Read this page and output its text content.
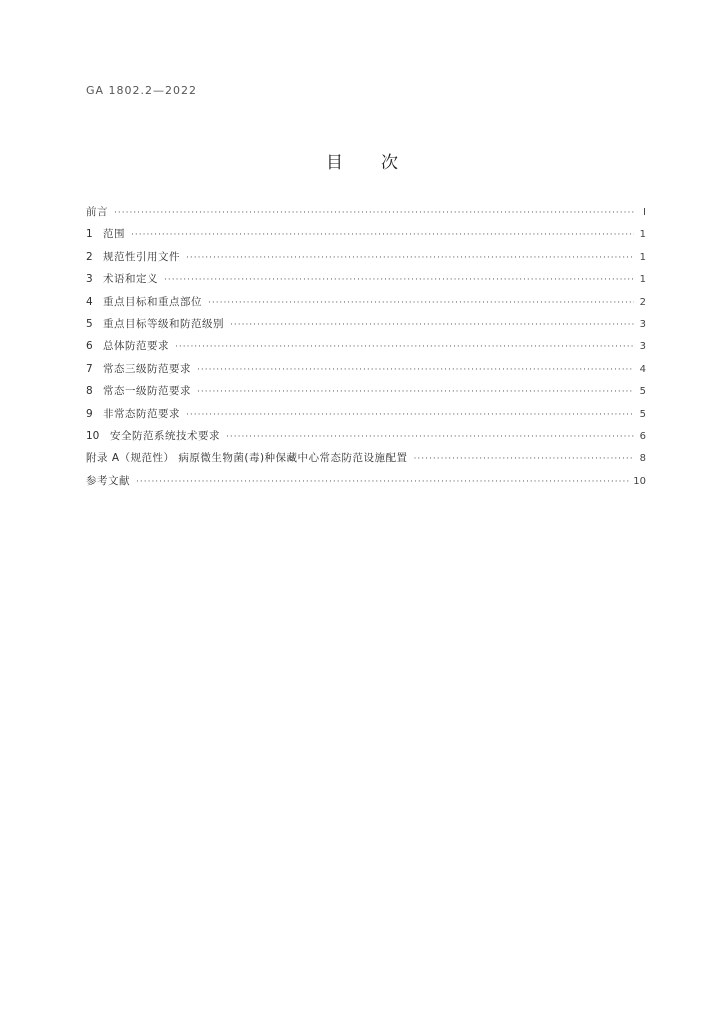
GA 1802.2—2022
目 次
前言 ·····	Ⅰ
1 范围 ·····	1
2 规范性引用文件 ·····	1
3 术语和定义 ·····	1
4 重点目标和重点部位 ·····	2
5 重点目标等级和防范级别 ·····	3
6 总体防范要求 ·····	3
7 常态三级防范要求 ·····	4
8 常态一级防范要求 ·····	5
9 非常态防范要求 ·····	5
10	安全防范系统技术要求 ·····	6
附录 A（规范性） 病原微生物菌(毒)种保藏中心常态防范设施配置 ·····	8
参考文献 ·····	10
